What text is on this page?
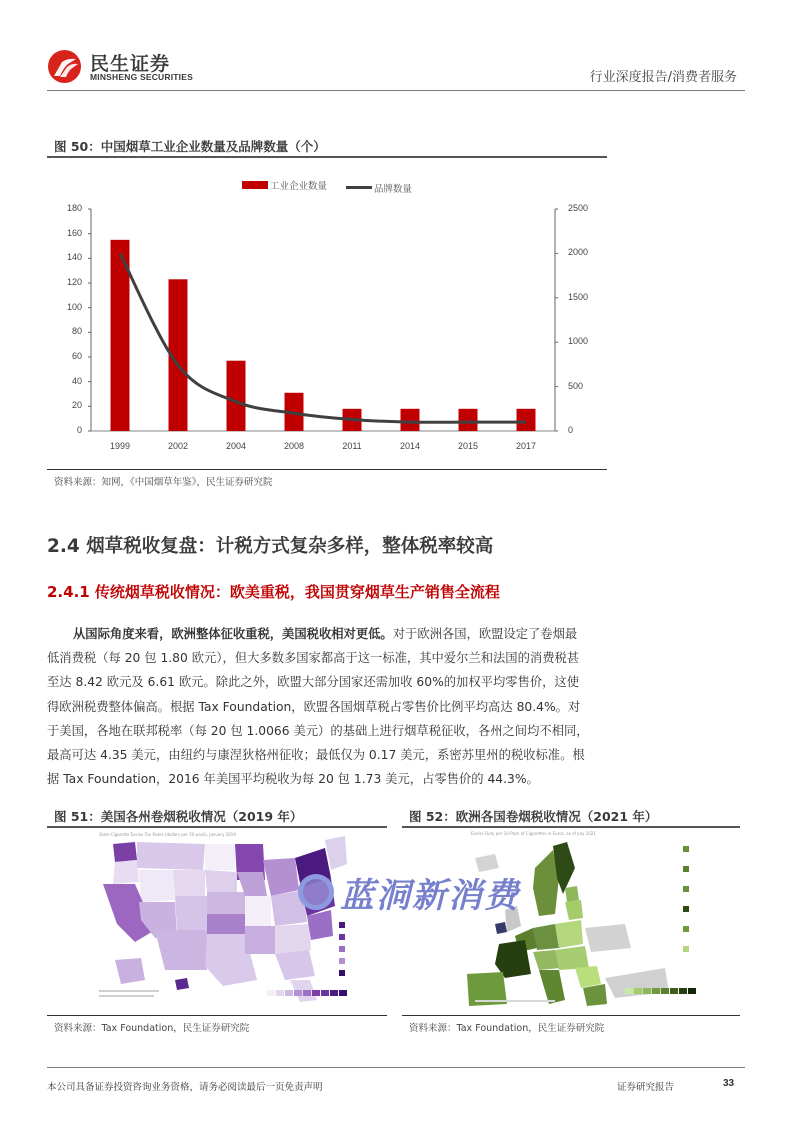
民生证券
MINSHENG SECURITIES	行业深度报告/消费者服务
图 50：中国烟草工业企业数量及品牌数量（个）
工业企业数量
	品牌数量
0
20
40
60
80
100
120
140
160
180
0
500
1000
1500
2000
2500
1999	2002	2004	2008	2011	2014	2015	2017
资料来源：知网，《中国烟草年鉴》，民生证券研究院
2.4 烟草税收复盘：计税方式复杂多样，整体税率较高
2.4.1 传统烟草税收情况：欧美重税，我国贯穿烟草生产销售全流程
从国际角度来看，欧洲整体征收重税，美国税收相对更低。对于欧洲各国，欧盟设定了卷烟最
低消费税（每 20 包 1.80 欧元），但大多数多国家都高于这一标准，其中爱尔兰和法国的消费税甚
至达 8.42 欧元及 6.61 欧元。除此之外，欧盟大部分国家还需加收 60%的加权平均零售价，这使
得欧洲税费整体偏高。根据 Tax Foundation，欧盟各国烟草税占零售价比例平均高达 80.4%。对
于美国，各地在联邦税率（每 20 包 1.0066 美元）的基础上进行烟草税征收，各州之间均不相同，
最高可达 4.35 美元，由纽约与康涅狄格州征收；最低仅为 0.17 美元，系密苏里州的税收标准。根
据 Tax Foundation，2016 年美国平均税收为每 20 包 1.73 美元，占零售价的 44.3%。
图 51：美国各州卷烟税收情况（2019 年）
State Cigarette Excise Tax Rates (dollars per 20-pack), January 2019
资料来源：Tax Foundation，民生证券研究院
图 52：欧洲各国卷烟税收情况（2021 年）
Excise Duty per 20-Pack of Cigarettes in Euros, as of July 2021
资料来源：Tax Foundation，民生证券研究院
蓝洞新消费
本公司具备证券投资咨询业务资格，请务必阅读最后一页免责声明	证券研究报告	33
